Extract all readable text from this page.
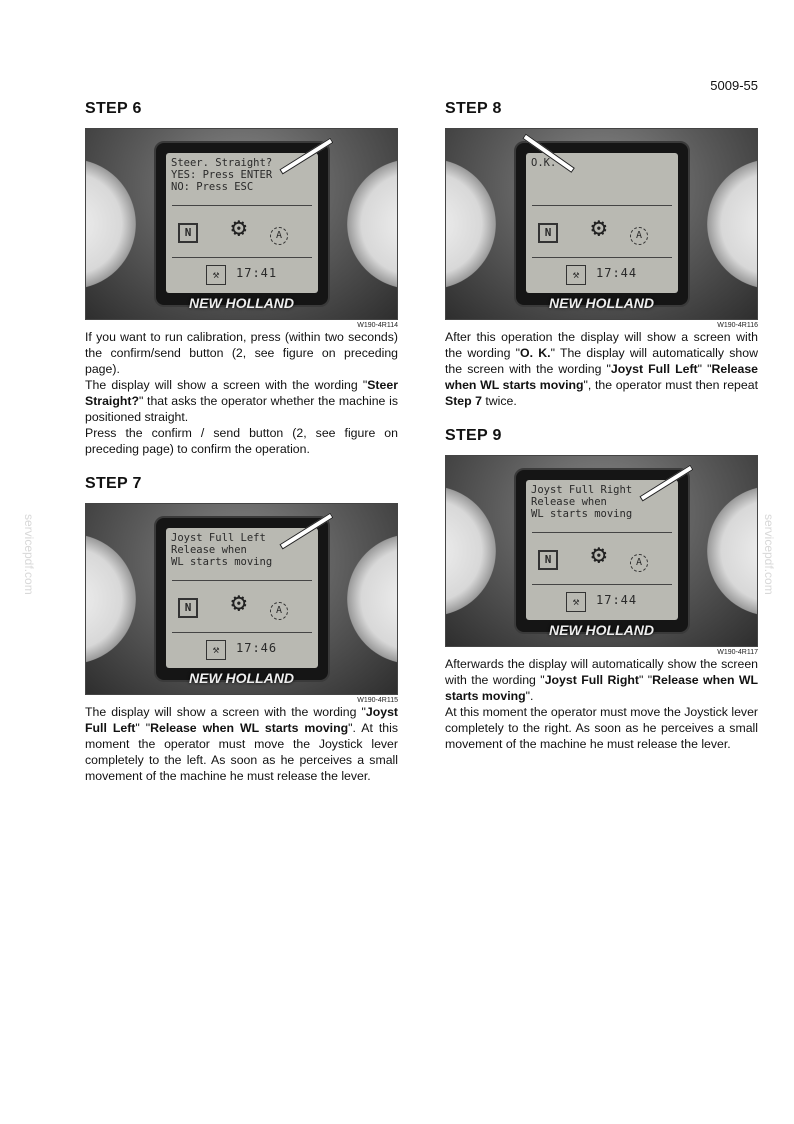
5009-55
servicepdf.com	servicepdf.com
STEP 6
Steer. Straight?
YES: Press ENTER
NO: Press ESC
N ⚙	A
⚒	17:41
NEW HOLLAND
W190-4R114

If you want to run calibration, press (within two seconds) the confirm/send button (2, see figure on preceding page).

The display will show a screen with the wording "Steer Straight?" that asks the operator whether the machine is positioned straight.

Press the confirm / send button (2, see figure on preceding page) to confirm the operation.

STEP 7
Joyst Full Left
Release when
WL starts moving
N ⚙	A
⚒	17:46
NEW HOLLAND
W190-4R115

The display will show a screen with the wording "Joyst Full Left" "Release when WL starts moving". At this moment the operator must move the Joystick lever completely to the left. As soon as he perceives a small movement of the machine he must release the lever.

STEP 8
O.K.
N ⚙	A
⚒	17:44
NEW HOLLAND
W190-4R116

After this operation the display will show a screen with the wording "O. K." The display will automatically show the screen with the wording "Joyst Full Left" "Release when WL starts moving", the operator must then repeat Step 7 twice.

STEP 9
Joyst Full Right
Release when
WL starts moving
N ⚙	A
⚒	17:44
NEW HOLLAND
W190-4R117

Afterwards the display will automatically show the screen with the wording "Joyst Full Right" "Release when WL starts moving".

At this moment the operator must move the Joystick lever completely to the right. As soon as he perceives a small movement of the machine he must release the lever.
